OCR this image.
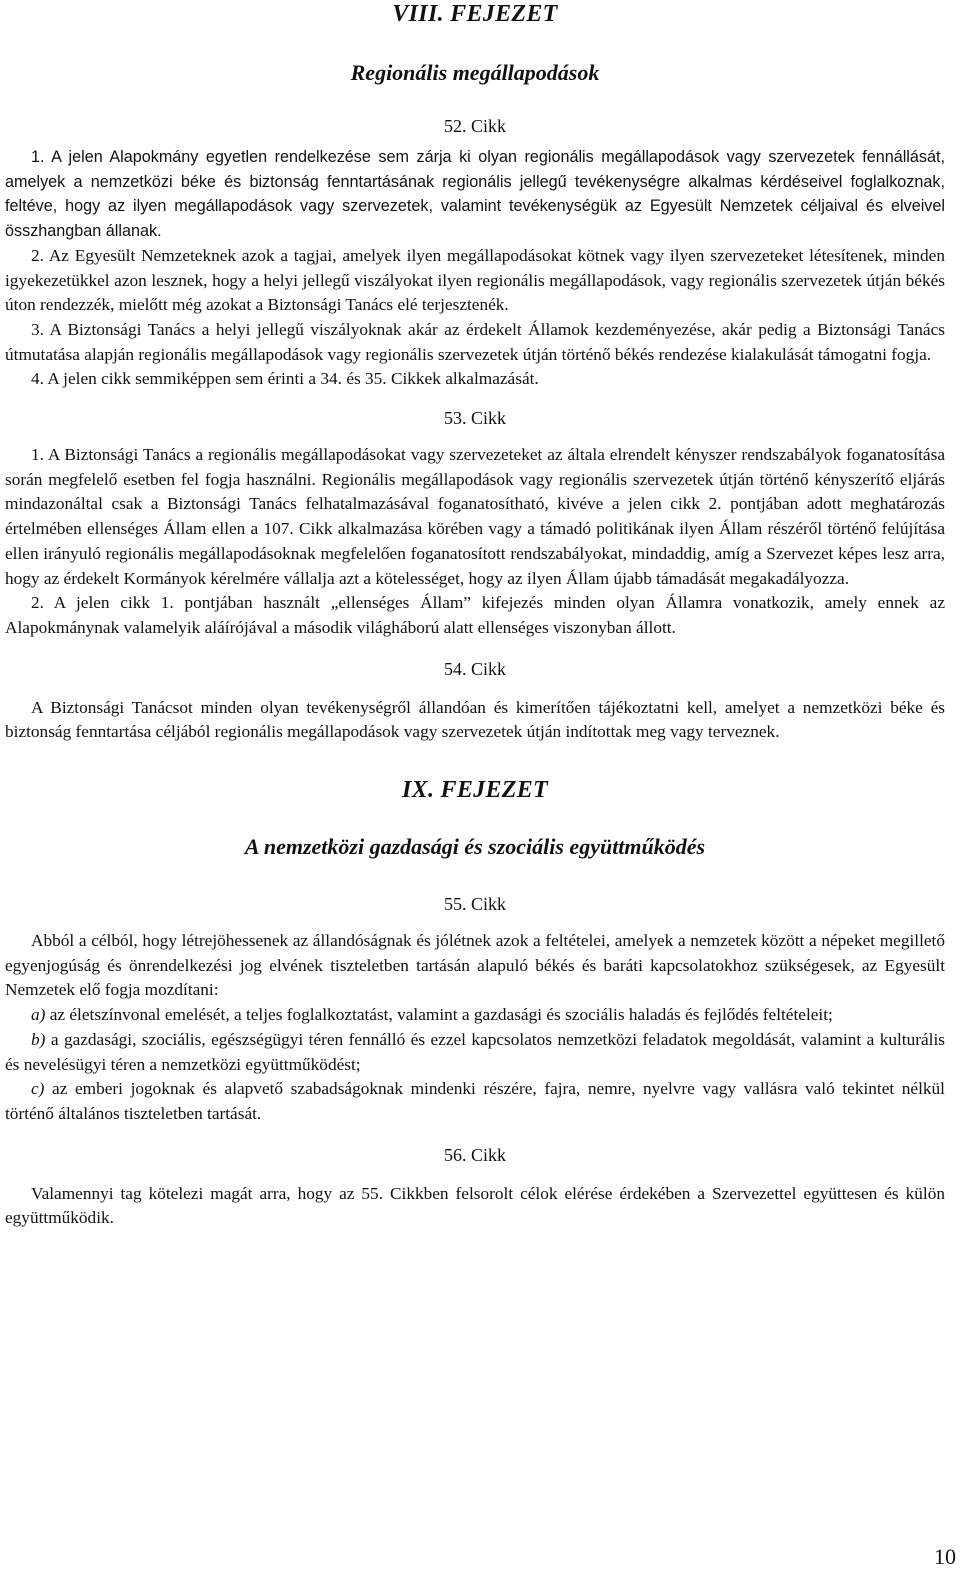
VIII. FEJEZET
Regionális megállapodások
52. Cikk

1. A jelen Alapokmány egyetlen rendelkezése sem zárja ki olyan regionális megállapodások vagy szervezetek fennállását, amelyek a nemzetközi béke és biztonság fenntartásának regionális jellegű tevékenységre alkalmas kérdéseivel foglalkoznak, feltéve, hogy az ilyen megállapodások vagy szervezetek, valamint tevékenységük az Egyesült Nemzetek céljaival és elveivel összhangban állanak.

2. Az Egyesült Nemzeteknek azok a tagjai, amelyek ilyen megállapodásokat kötnek vagy ilyen szervezeteket létesítenek, minden igyekezetükkel azon lesznek, hogy a helyi jellegű viszályokat ilyen regionális megállapodások, vagy regionális szervezetek útján békés úton rendezzék, mielőtt még azokat a Biztonsági Tanács elé terjesztenék.

3. A Biztonsági Tanács a helyi jellegű viszályoknak akár az érdekelt Államok kezdeményezése, akár pedig a Biztonsági Tanács útmutatása alapján regionális megállapodások vagy regionális szervezetek útján történő békés rendezése kialakulását támogatni fogja.

4. A jelen cikk semmiképpen sem érinti a 34. és 35. Cikkek alkalmazását.

53. Cikk

1. A Biztonsági Tanács a regionális megállapodásokat vagy szervezeteket az általa elrendelt kényszer rendszabályok foganatosítása során megfelelő esetben fel fogja használni. Regionális megállapodások vagy regionális szervezetek útján történő kényszerítő eljárás mindazonáltal csak a Biztonsági Tanács felhatalmazásával foganatosítható, kivéve a jelen cikk 2. pontjában adott meghatározás értelmében ellenséges Állam ellen a 107. Cikk alkalmazása körében vagy a támadó politikának ilyen Állam részéről történő felújítása ellen irányuló regionális megállapodásoknak megfelelően foganatosított rendszabályokat, mindaddig, amíg a Szervezet képes lesz arra, hogy az érdekelt Kormányok kérelmére vállalja azt a kötelességet, hogy az ilyen Állam újabb támadását megakadályozza.

2. A jelen cikk 1. pontjában használt „ellenséges Állam” kifejezés minden olyan Államra vonatkozik, amely ennek az Alapokmánynak valamelyik aláírójával a második világháború alatt ellenséges viszonyban állott.

54. Cikk

A Biztonsági Tanácsot minden olyan tevékenységről állandóan és kimerítően tájékoztatni kell, amelyet a nemzetközi béke és biztonság fenntartása céljából regionális megállapodások vagy szervezetek útján indítottak meg vagy terveznek.

IX. FEJEZET
A nemzetközi gazdasági és szociális együttműködés
55. Cikk

Abból a célból, hogy létrejöhessenek az állandóságnak és jólétnek azok a feltételei, amelyek a nemzetek között a népeket megillető egyenjogúság és önrendelkezési jog elvének tiszteletben tartásán alapuló békés és baráti kapcsolatokhoz szükségesek, az Egyesült Nemzetek elő fogja mozdítani:

a) az életszínvonal emelését, a teljes foglalkoztatást, valamint a gazdasági és szociális haladás és fejlődés feltételeit;

b) a gazdasági, szociális, egészségügyi téren fennálló és ezzel kapcsolatos nemzetközi feladatok megoldását, valamint a kulturális és nevelésügyi téren a nemzetközi együttműködést;

c) az emberi jogoknak és alapvető szabadságoknak mindenki részére, fajra, nemre, nyelvre vagy vallásra való tekintet nélkül történő általános tiszteletben tartását.

56. Cikk

Valamennyi tag kötelezi magát arra, hogy az 55. Cikkben felsorolt célok elérése érdekében a Szervezettel együttesen és külön együttműködik.

10
